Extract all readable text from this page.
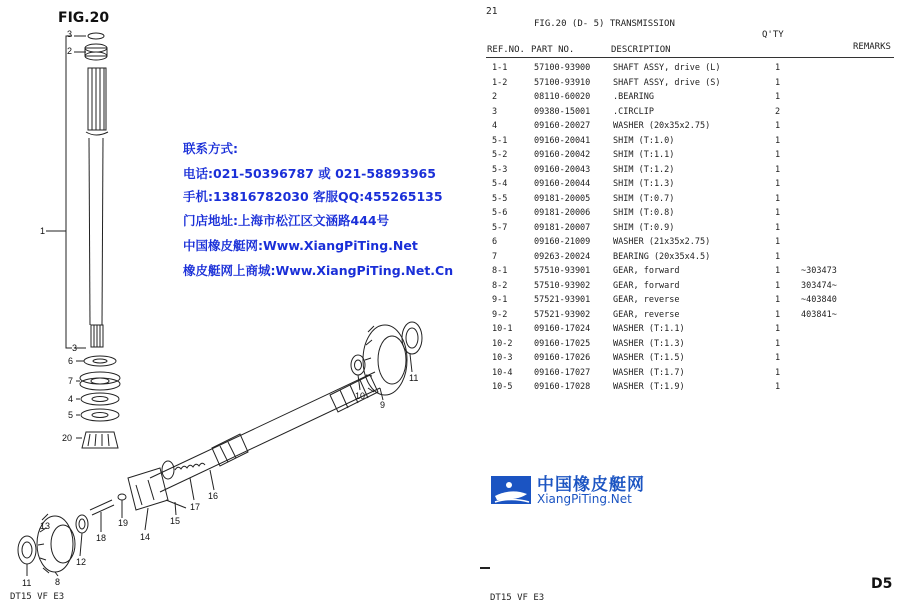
FIG.20
3
2
1
3
6
7
4
5
20
10
9
11
16
17
15
14
19
18
13
12
11	8
DT15 VF E3
联系方式:
电话:021-50396787 或 021-58893965
手机:13816782030 客服QQ:455265135
门店地址:上海市松江区文涵路444号
中国橡皮艇网:Www.XiangPiTing.Net
橡皮艇网上商城:Www.XiangPiTing.Net.Cn
21
FIG.20 (D- 5) TRANSMISSION
Q'TY
REF.NO. PART NO.	DESCRIPTION	REMARKS
1-1	57100-93900	SHAFT ASSY, drive (L)	1
1-2	57100-93910	SHAFT ASSY, drive (S)	1
2	08110-60020	.BEARING	1
3	09380-15001	.CIRCLIP	2
4	09160-20027	WASHER (20x35x2.75)	1
5-1	09160-20041	SHIM (T:1.0)	1
5-2	09160-20042	SHIM (T:1.1)	1
5-3	09160-20043	SHIM (T:1.2)	1
5-4	09160-20044	SHIM (T:1.3)	1
5-5	09181-20005	SHIM (T:0.7)	1
5-6	09181-20006	SHIM (T:0.8)	1
5-7	09181-20007	SHIM (T:0.9)	1
6	09160-21009	WASHER (21x35x2.75)	1
7	09263-20024	BEARING (20x35x4.5)	1
8-1	57510-93901	GEAR, forward	1 ~303473
8-2	57510-93902	GEAR, forward	1 303474~
9-1	57521-93901	GEAR, reverse	1 ~403840
9-2	57521-93902	GEAR, reverse	1 403841~
10-1	09160-17024	WASHER (T:1.1)	1
10-2	09160-17025	WASHER (T:1.3)	1
10-3	09160-17026	WASHER (T:1.5)	1
10-4	09160-17027	WASHER (T:1.7)	1
10-5	09160-17028	WASHER (T:1.9)	1
DT15 VF E3
D5
中国橡皮艇网
XiangPiTing.Net
